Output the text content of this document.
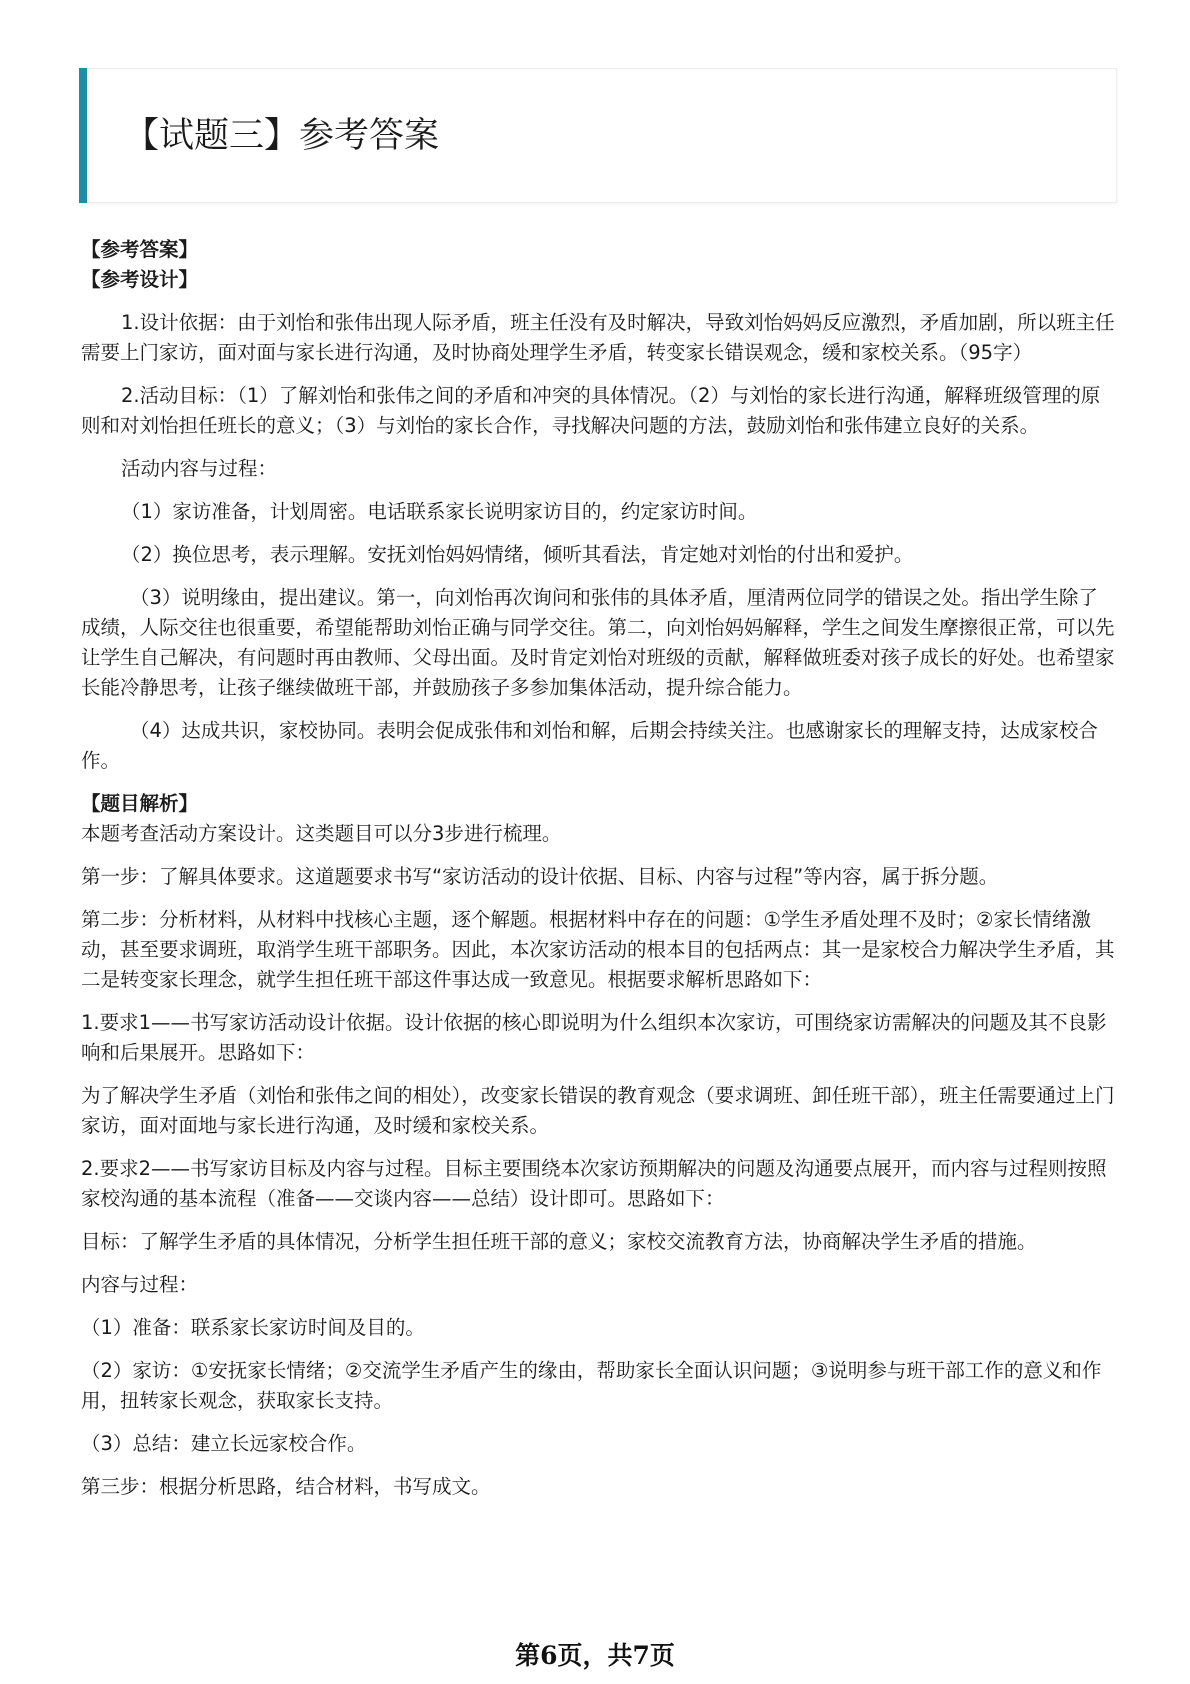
【试题三】参考答案

【参考答案】

【参考设计】

1.设计依据：由于刘怡和张伟出现人际矛盾，班主任没有及时解决，导致刘怡妈妈反应激烈，矛盾加剧，所以班主任需要上门家访，面对面与家长进行沟通，及时协商处理学生矛盾，转变家长错误观念，缓和家校关系。（95字）

2.活动目标：（1）了解刘怡和张伟之间的矛盾和冲突的具体情况。（2）与刘怡的家长进行沟通，解释班级管理的原则和对刘怡担任班长的意义；（3）与刘怡的家长合作，寻找解决问题的方法，鼓励刘怡和张伟建立良好的关系。

活动内容与过程：

（1）家访准备，计划周密。电话联系家长说明家访目的，约定家访时间。

（2）换位思考，表示理解。安抚刘怡妈妈情绪，倾听其看法，肯定她对刘怡的付出和爱护。

（3）说明缘由，提出建议。第一，向刘怡再次询问和张伟的具体矛盾，厘清两位同学的错误之处。指出学生除了成绩，人际交往也很重要，希望能帮助刘怡正确与同学交往。第二，向刘怡妈妈解释，学生之间发生摩擦很正常，可以先让学生自己解决，有问题时再由教师、父母出面。及时肯定刘怡对班级的贡献，解释做班委对孩子成长的好处。也希望家长能冷静思考，让孩子继续做班干部，并鼓励孩子多参加集体活动，提升综合能力。

（4）达成共识，家校协同。表明会促成张伟和刘怡和解，后期会持续关注。也感谢家长的理解支持，达成家校合作。

【题目解析】

本题考查活动方案设计。这类题目可以分3步进行梳理。

第一步：了解具体要求。这道题要求书写“家访活动的设计依据、目标、内容与过程”等内容，属于拆分题。

第二步：分析材料，从材料中找核心主题，逐个解题。根据材料中存在的问题：①学生矛盾处理不及时；②家长情绪激动，甚至要求调班，取消学生班干部职务。因此，本次家访活动的根本目的包括两点：其一是家校合力解决学生矛盾，其二是转变家长理念，就学生担任班干部这件事达成一致意见。根据要求解析思路如下：

1.要求1——书写家访活动设计依据。设计依据的核心即说明为什么组织本次家访，可围绕家访需解决的问题及其不良影响和后果展开。思路如下：

为了解决学生矛盾（刘怡和张伟之间的相处），改变家长错误的教育观念（要求调班、卸任班干部），班主任需要通过上门家访，面对面地与家长进行沟通，及时缓和家校关系。

2.要求2——书写家访目标及内容与过程。目标主要围绕本次家访预期解决的问题及沟通要点展开，而内容与过程则按照家校沟通的基本流程（准备——交谈内容——总结）设计即可。思路如下：

目标：了解学生矛盾的具体情况，分析学生担任班干部的意义；家校交流教育方法，协商解决学生矛盾的措施。

内容与过程：

（1）准备：联系家长家访时间及目的。

（2）家访：①安抚家长情绪；②交流学生矛盾产生的缘由，帮助家长全面认识问题；③说明参与班干部工作的意义和作用，扭转家长观念，获取家长支持。

（3）总结：建立长远家校合作。

第三步：根据分析思路，结合材料，书写成文。

第6页，共7页
